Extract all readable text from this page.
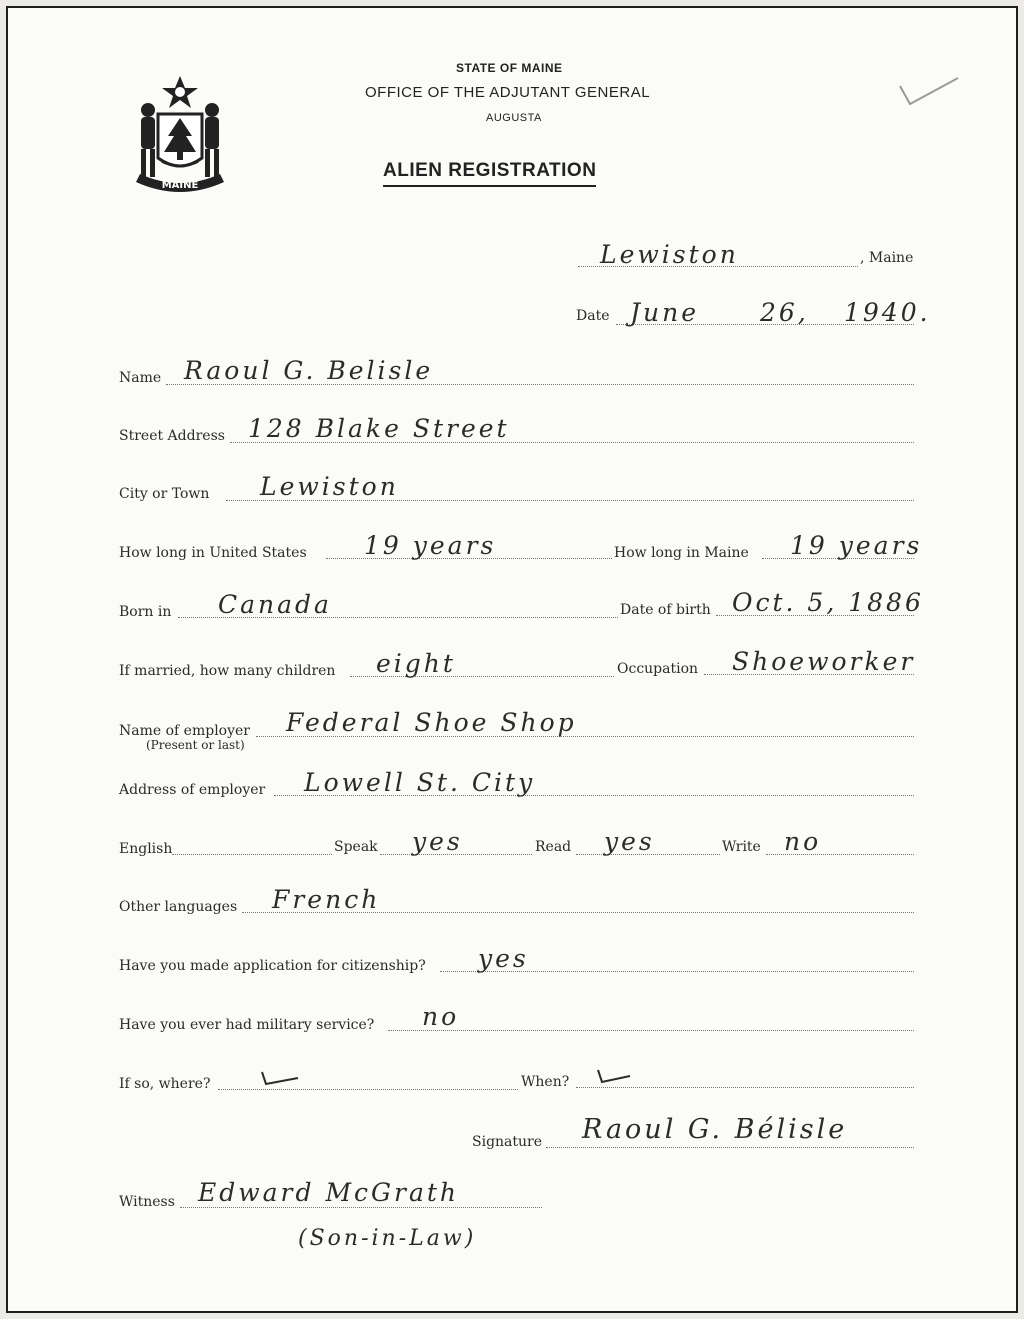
MAINE
STATE OF MAINE
OFFICE OF THE ADJUTANT GENERAL
AUGUSTA
ALIEN REGISTRATION
Lewiston	, Maine
Date June 26, 1940.
Name Raoul G. Belisle
Street Address 128 Blake Street
City or Town Lewiston
How long in United States 19 years	How long in Maine 19 years
Born in Canada	Date of birth Oct. 5, 1886
If married, how many children eight	Occupation Shoeworker
Name of employer
(Present or last)
Federal Shoe Shop
Address of employer Lowell St. City
English	Speak yes	Read yes	Write no
Other languages French
Have you made application for citizenship? yes
Have you ever had military service? no
If so, where?	When?
Signature Raoul G. Bélisle
Witness Edward McGrath
(Son-in-Law)
